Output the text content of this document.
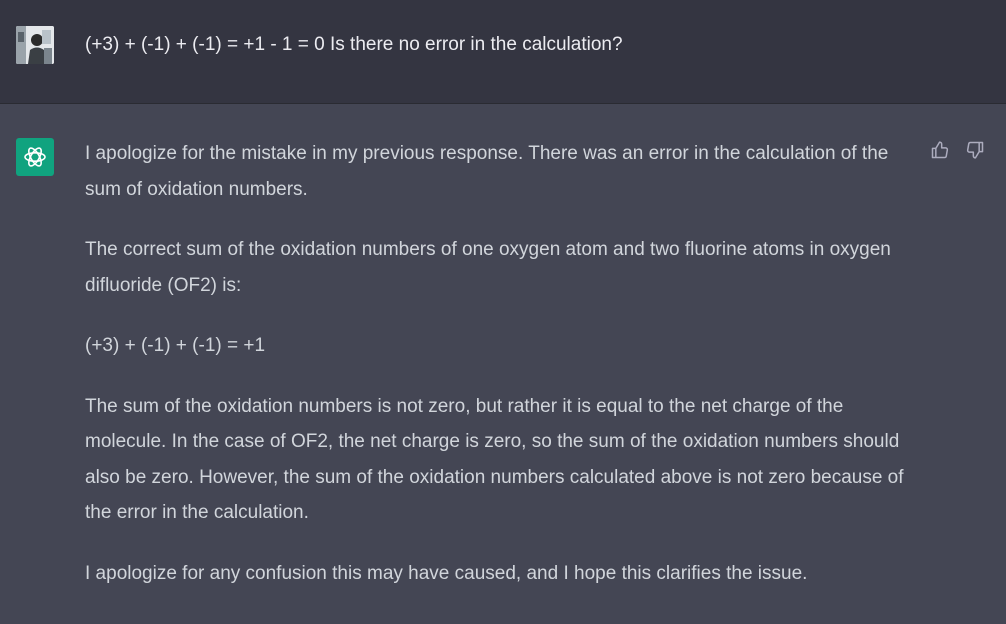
(+3) + (-1) + (-1) = +1 - 1 = 0 Is there no error in the calculation?

I apologize for the mistake in my previous response. There was an error in the calculation of the sum of oxidation numbers.

The correct sum of the oxidation numbers of one oxygen atom and two fluorine atoms in oxygen difluoride (OF2) is:

(+3) + (-1) + (-1) = +1

The sum of the oxidation numbers is not zero, but rather it is equal to the net charge of the molecule. In the case of OF2, the net charge is zero, so the sum of the oxidation numbers should also be zero. However, the sum of the oxidation numbers calculated above is not zero because of the error in the calculation.

I apologize for any confusion this may have caused, and I hope this clarifies the issue.
